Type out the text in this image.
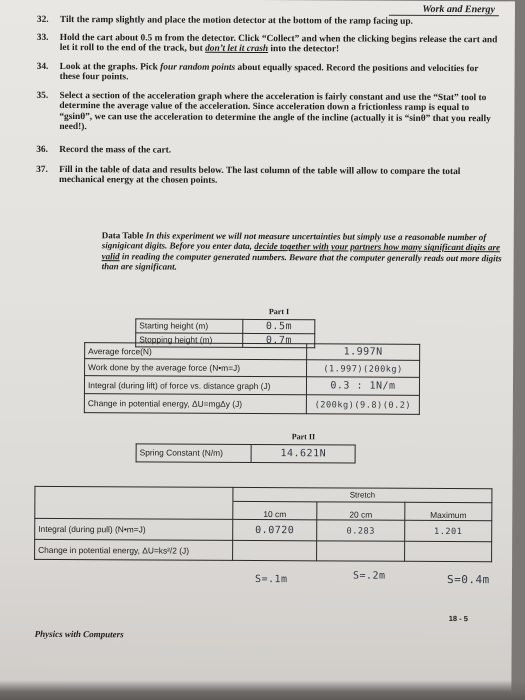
Work and Energy
32. Tilt the ramp slightly and place the motion detector at the bottom of the ramp facing up.
33. Hold the cart about 0.5 m from the detector. Click “Collect” and when the clicking begins release the cart and let it roll to the end of the track, but don’t let it crash into the detector!
34. Look at the graphs. Pick four random points about equally spaced. Record the positions and velocities for these four points.
35. Select a section of the acceleration graph where the acceleration is fairly constant and use the “Stat” tool to determine the average value of the acceleration. Since acceleration down a frictionless ramp is equal to “gsinθ”, we can use the acceleration to determine the angle of the incline (actually it is “sinθ” that you really need!).
36. Record the mass of the cart.
37. Fill in the table of data and results below. The last column of the table will allow to compare the total mechanical energy at the chosen points.
Data Table In this experiment we will not measure uncertainties but simply use a reasonable number of signigicant digits. Before you enter data, decide together with your partners how many significant digits are valid in reading the computer generated numbers. Beware that the computer generally reads out more digits than are significant.
	Part I
Starting height (m)	0.5m
Stopping height (m)	0.7m
Average force(N)	1.997N
Work done by the average force (N•m=J)	(1.997)(200kg)
Integral (during lift) of force vs. distance graph (J)	0.3 : 1N/m
Change in potential energy, ΔU=mgΔy (J)	(200kg)(9.8)(0.2)
	Part II
Spring Constant (N/m)	14.621N
	Stretch		
	10 cm	20 cm	Maximum
Integral (during pull) (N•m=J)	0.0720	0.283	1.201
Change in potential energy, ΔU=ks²/2 (J)			
S=.1m	S=.2m	S=0.4m
18 - 5
Physics with Computers
